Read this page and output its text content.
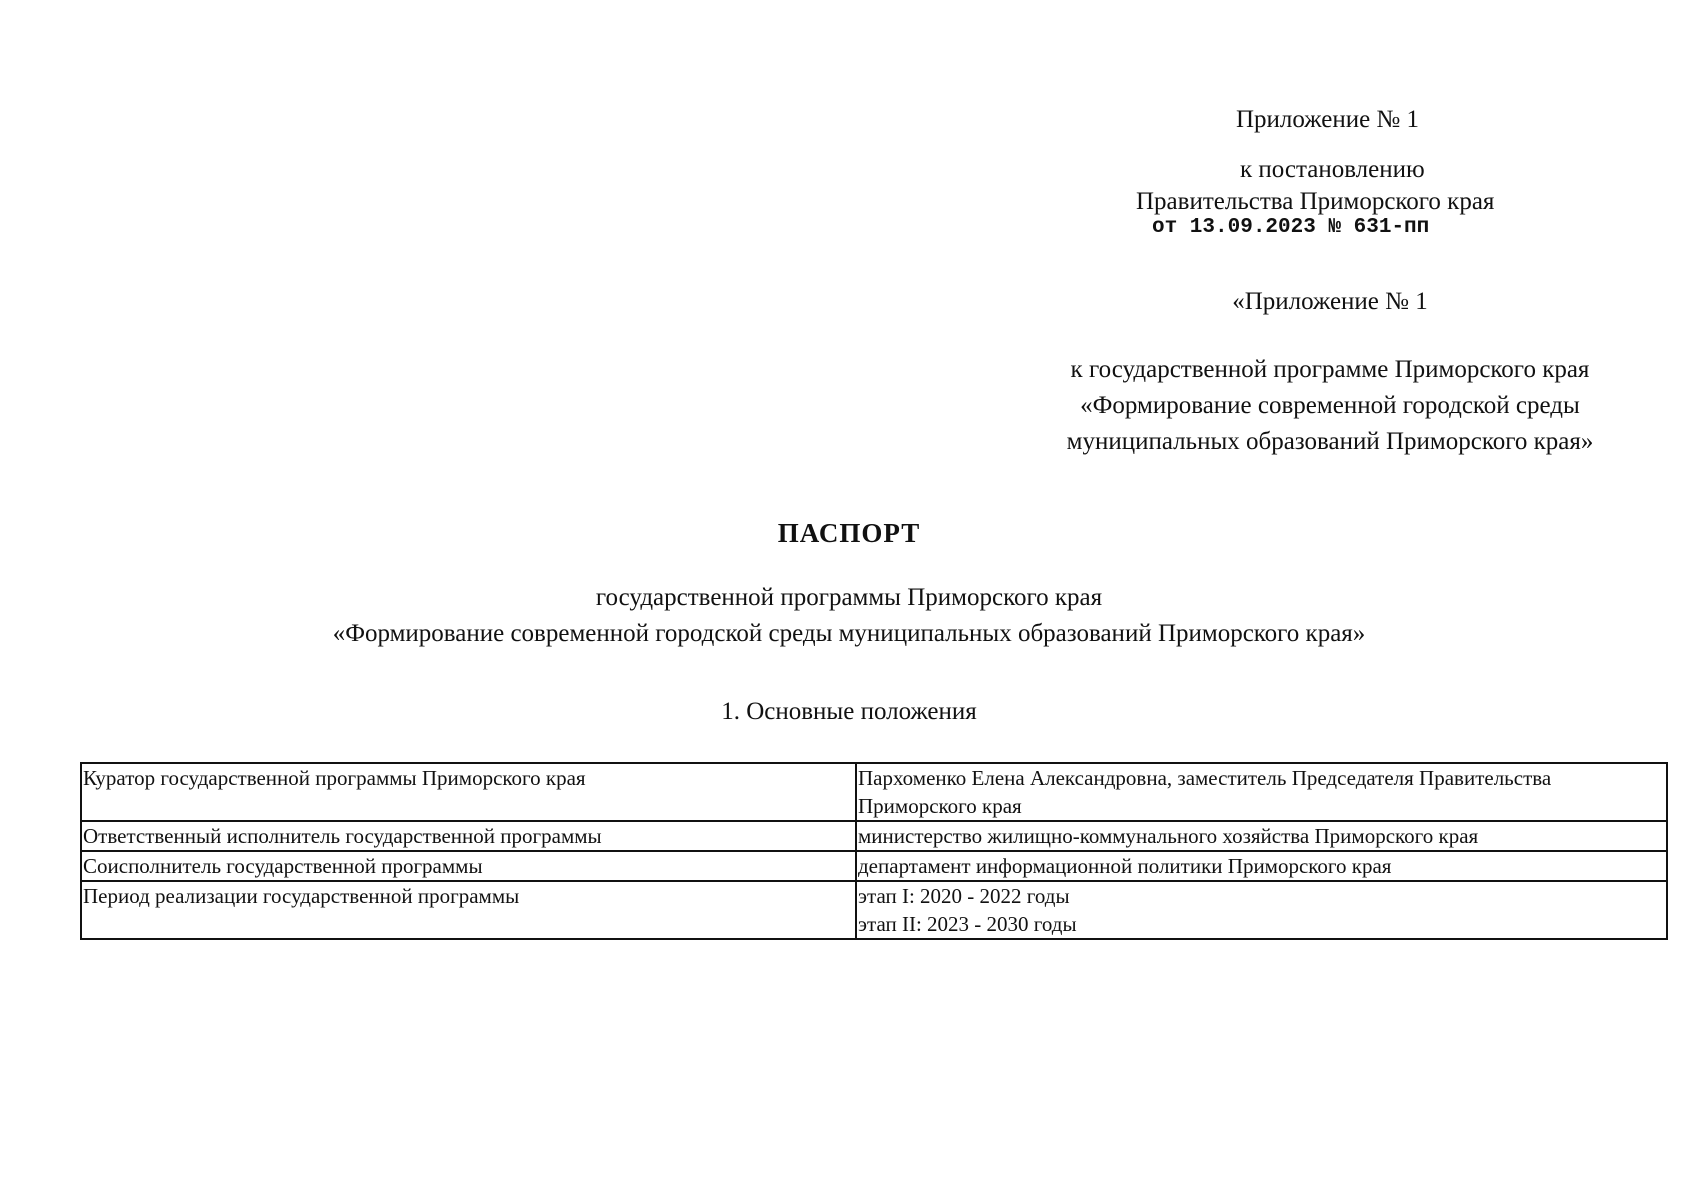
Приложение № 1
к постановлению
Правительства Приморского края
от 13.09.2023 № 631-пп
«Приложение № 1
к государственной программе Приморского края
«Формирование современной городской среды
муниципальных образований Приморского края»
ПАСПОРТ
государственной программы Приморского края
«Формирование современной городской среды муниципальных образований Приморского края»
1. Основные положения
Куратор государственной программы Приморского края	Пархоменко Елена Александровна, заместитель Председателя Правительства
Приморского края

Ответственный исполнитель государственной программы	министерство жилищно-коммунального хозяйства Приморского края

Соисполнитель государственной программы	департамент информационной политики Приморского края

Период реализации государственной программы	этап I: 2020 - 2022 годы
этап II: 2023 - 2030 годы
